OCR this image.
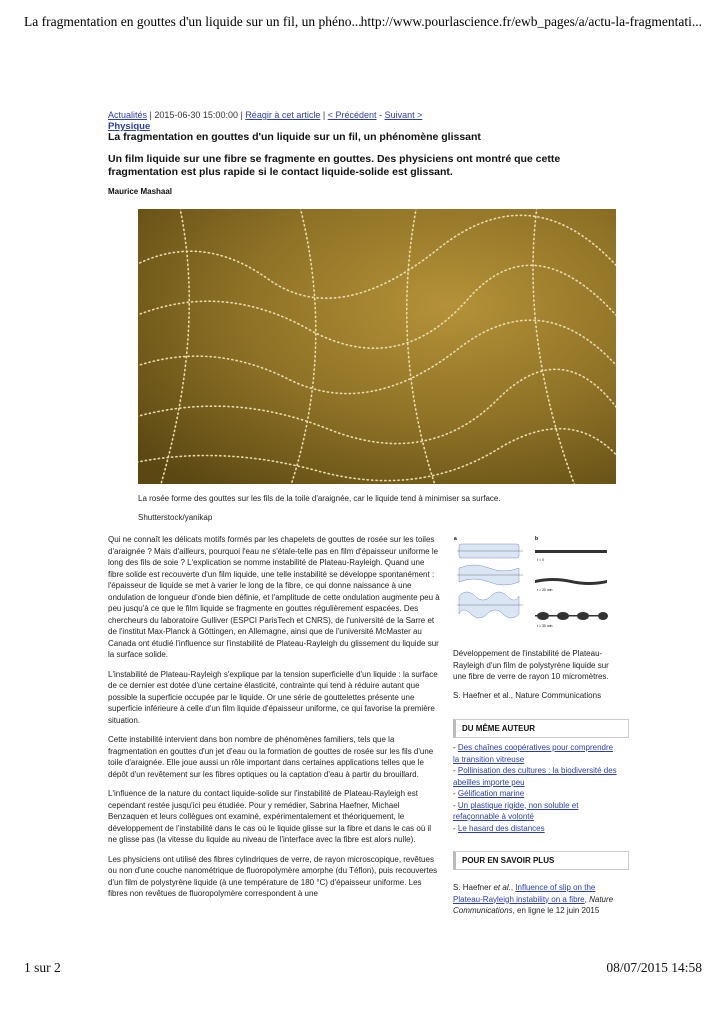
La fragmentation en gouttes d'un liquide sur un fil, un phéno... http://www.pourlascience.fr/ewb_pages/a/actu-la-fragmentati...
Actualités | 2015-06-30 15:00:00 | Réagir à cet article | < Précédent - Suivant >
Physique
La fragmentation en gouttes d'un liquide sur un fil, un phénomène glissant
Un film liquide sur une fibre se fragmente en gouttes. Des physiciens ont montré que cette fragmentation est plus rapide si le contact liquide-solide est glissant.
Maurice Mashaal
La rosée forme des gouttes sur les fils de la toile d'araignée, car le liquide tend à minimiser sa surface.
Shutterstock/yanikap

Qui ne connaît les délicats motifs formés par les chapelets de gouttes de rosée sur les toiles d'araignée ? Mais d'ailleurs, pourquoi l'eau ne s'étale-telle pas en film d'épaisseur uniforme le long des fils de soie ? L'explication se nomme instabilité de Plateau-Rayleigh. Quand une fibre solide est recouverte d'un film liquide, une telle instabilité se développe spontanément : l'épaisseur de liquide se met à varier le long de la fibre, ce qui donne naissance à une ondulation de longueur d'onde bien définie, et l'amplitude de cette ondulation augmente peu à peu jusqu'à ce que le film liquide se fragmente en gouttes régulièrement espacées. Des chercheurs du laboratoire Gulliver (ESPCI ParisTech et CNRS), de l'université de la Sarre et de l'institut Max-Planck à Göttingen, en Allemagne, ainsi que de l'université McMaster au Canada ont étudié l'influence sur l'instabilité de Plateau-Rayleigh du glissement du liquide sur la surface solide.

L'instabilité de Plateau-Rayleigh s'explique par la tension superficielle d'un liquide : la surface de ce dernier est dotée d'une certaine élasticité, contrainte qui tend à réduire autant que possible la superficie occupée par le liquide. Or une série de gouttelettes présente une superficie inférieure à celle d'un film liquide d'épaisseur uniforme, ce qui favorise la première situation.

Cette instabilité intervient dans bon nombre de phénomènes familiers, tels que la fragmentation en gouttes d'un jet d'eau ou la formation de gouttes de rosée sur les fils d'une toile d'araignée. Elle joue aussi un rôle important dans certaines applications telles que le dépôt d'un revêtement sur les fibres optiques ou la captation d'eau à partir du brouillard.

L'influence de la nature du contact liquide-solide sur l'instabilité de Plateau-Rayleigh est cependant restée jusqu'ici peu étudiée. Pour y remédier, Sabrina Haefner, Michael Benzaquen et leurs collègues ont examiné, expérimentalement et théoriquement, le développement de l'instabilité dans le cas où le liquide glisse sur la fibre et dans le cas où il ne glisse pas (la vitesse du liquide au niveau de l'interface avec la fibre est alors nulle).

Les physiciens ont utilisé des fibres cylindriques de verre, de rayon microscopique, revêtues ou non d'une couche nanométrique de fluoropolymère amorphe (du Téflon), puis recouvertes d'un film de polystyrène liquide (à une température de 180 °C) d'épaisseur uniforme. Les fibres non revêtues de fluoropolymère correspondent à une

a	b
t = 0
t = 20 min
t = 30 min
Développement de l'instabilité de Plateau-Rayleigh d'un film de polystyrène liquide sur une fibre de verre de rayon 10 micromètres.
S. Haefner et al., Nature Communications
DU MÊME AUTEUR
- Des chaînes coopératives pour comprendre la transition vitreuse
- Pollinisation des cultures : la biodiversité des abeilles importe peu
- Gélification marine
- Un plastique rigide, non soluble et refaçonnable à volonté
- Le hasard des distances
POUR EN SAVOIR PLUS
S. Haefner et al., Influence of slip on the Plateau-Rayleigh instability on a fibre, Nature Communications, en ligne le 12 juin 2015
1 sur 2	08/07/2015 14:58
